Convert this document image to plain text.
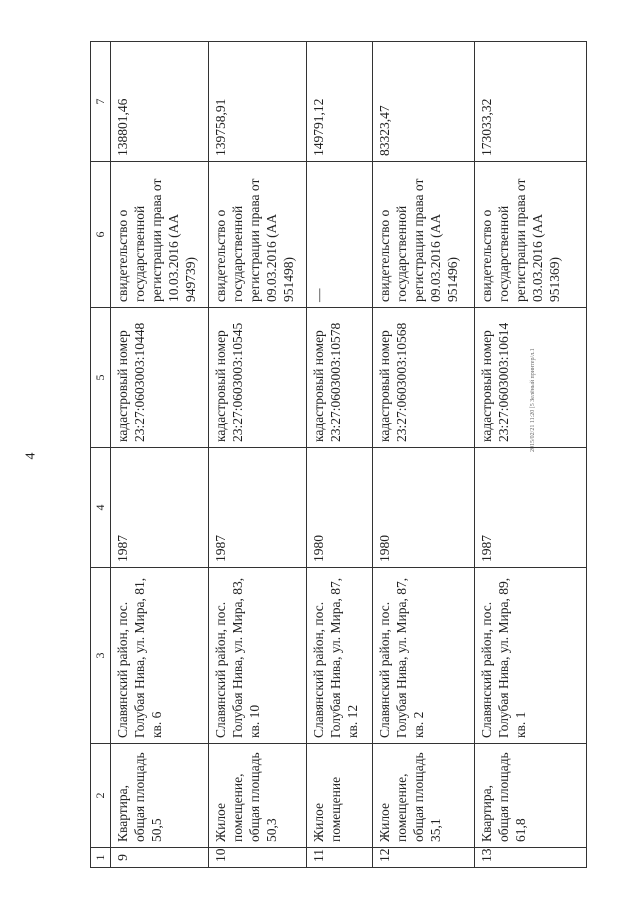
4
2015/02/21 11:20 [5 Зелёный принтер/л.1
1	2	3	4	5	6	7
9	Квартира, общая площадь 50,5	Славянский район, пос. Голубая Нива, ул. Мира, 81, кв. 6	1987	кадастровый номер 23:27:0603003:10448	свидетельство о государственной регистрации права от 10.03.2016 (АА 949739)	138801,46
10	Жилое помещение, общая площадь 50,3	Славянский район, пос. Голубая Нива, ул. Мира, 83, кв. 10	1987	кадастровый номер 23:27:0603003:10545	свидетельство о государственной регистрации права от 09.03.2016 (АА 951498)	139758,91
11	Жилое помещение	Славянский район, пос. Голубая Нива, ул. Мира, 87, кв. 12	1980	кадастровый номер 23:27:0603003:10578	—	149791,12
12	Жилое помещение, общая площадь 35,1	Славянский район, пос. Голубая Нива, ул. Мира, 87, кв. 2	1980	кадастровый номер 23:27:0603003:10568	свидетельство о государственной регистрации права от 09.03.2016 (АА 951496)	83323,47
13	Квартира, общая площадь 61,8	Славянский район, пос. Голубая Нива, ул. Мира, 89, кв. 1	1987	кадастровый номер 23:27:0603003:10614	свидетельство о государственной регистрации права от 03.03.2016 (АА 951369)	173033,32
